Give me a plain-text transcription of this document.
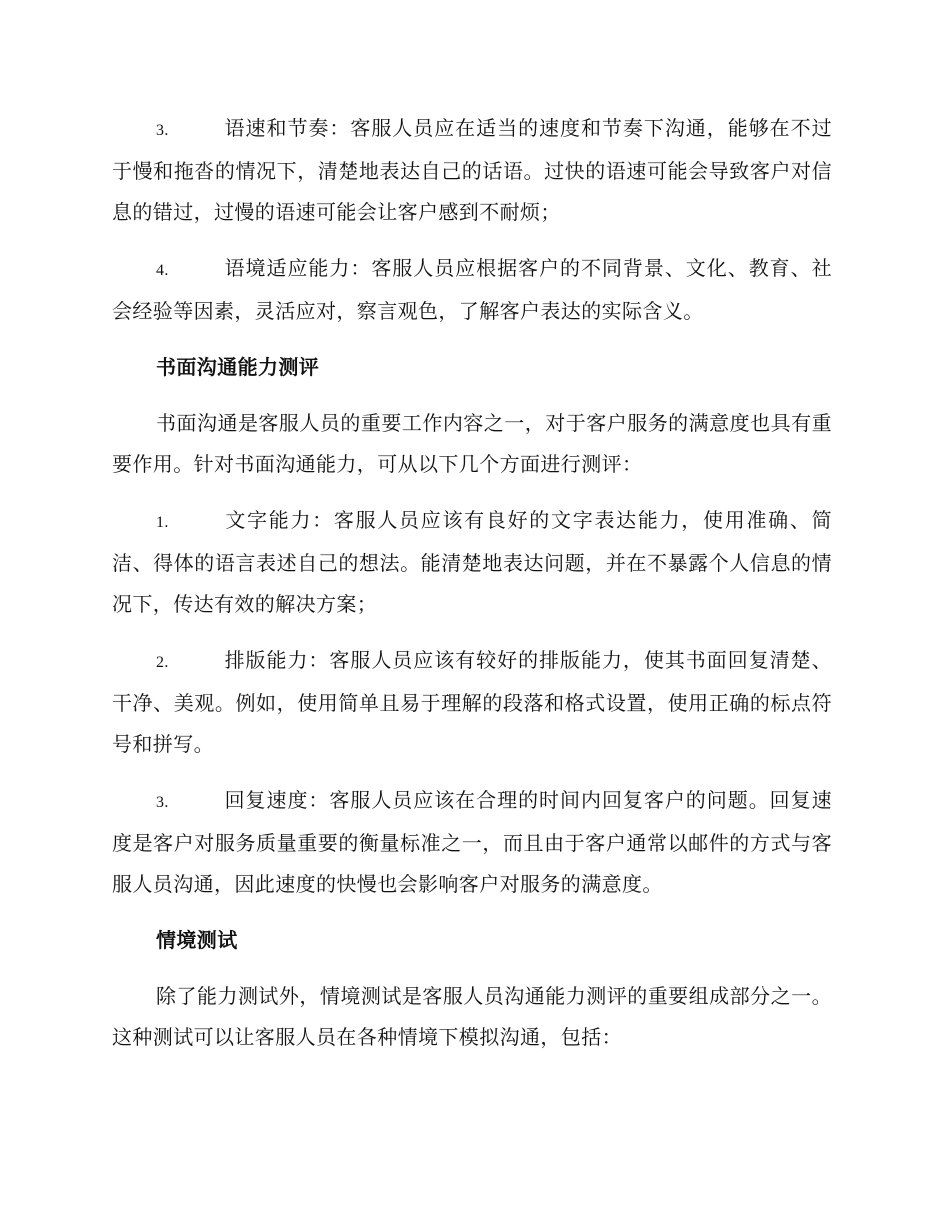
3.	语速和节奏：客服人员应在适当的速度和节奏下沟通，能够在不过于慢和拖沓的情况下，清楚地表达自己的话语。过快的语速可能会导致客户对信息的错过，过慢的语速可能会让客户感到不耐烦；

4.	语境适应能力：客服人员应根据客户的不同背景、文化、教育、社会经验等因素，灵活应对，察言观色，了解客户表达的实际含义。

书面沟通能力测评

书面沟通是客服人员的重要工作内容之一，对于客户服务的满意度也具有重要作用。针对书面沟通能力，可从以下几个方面进行测评：

1.	文字能力：客服人员应该有良好的文字表达能力，使用准确、简洁、得体的语言表述自己的想法。能清楚地表达问题，并在不暴露个人信息的情况下，传达有效的解决方案；

2.	排版能力：客服人员应该有较好的排版能力，使其书面回复清楚、干净、美观。例如，使用简单且易于理解的段落和格式设置，使用正确的标点符号和拼写。

3.	回复速度：客服人员应该在合理的时间内回复客户的问题。回复速度是客户对服务质量重要的衡量标准之一，而且由于客户通常以邮件的方式与客服人员沟通，因此速度的快慢也会影响客户对服务的满意度。

情境测试

除了能力测试外，情境测试是客服人员沟通能力测评的重要组成部分之一。这种测试可以让客服人员在各种情境下模拟沟通，包括：
